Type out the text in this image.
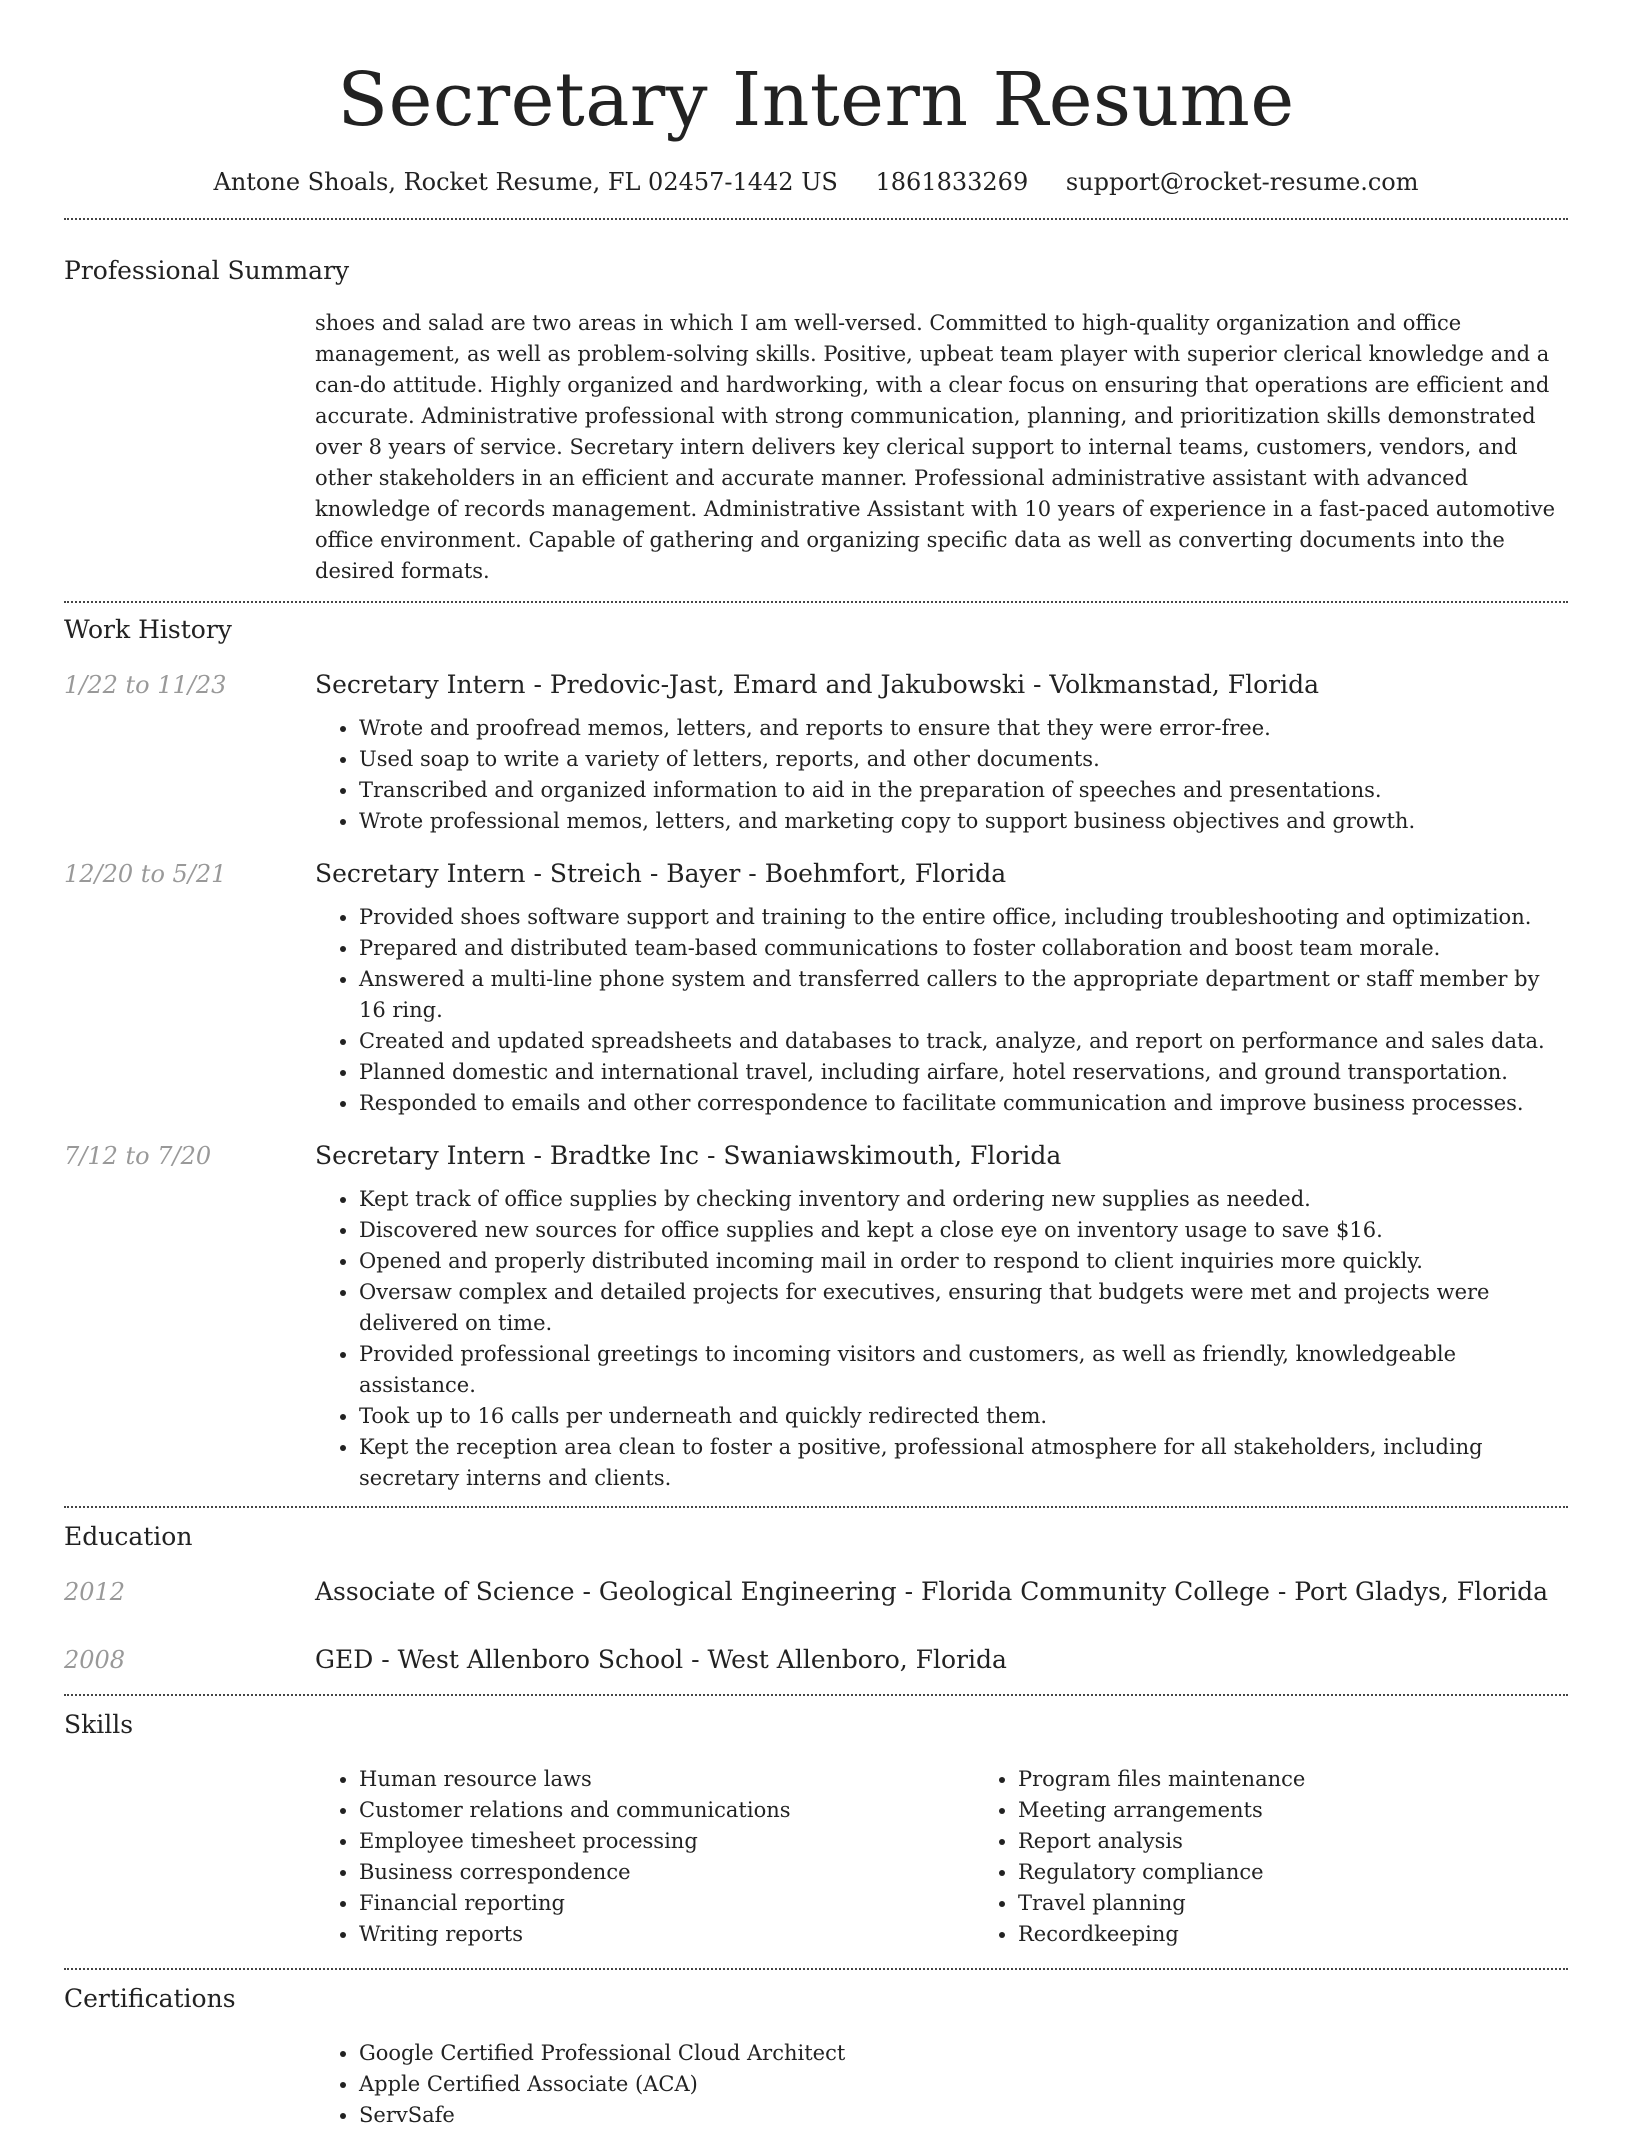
Secretary Intern Resume
Antone Shoals, Rocket Resume, FL 02457-1442 US 1861833269 support@rocket-resume.com
Professional Summary

shoes and salad are two areas in which I am well-versed. Committed to high-quality organization and office management, as well as problem-solving skills. Positive, upbeat team player with superior clerical knowledge and a can-do attitude. Highly organized and hardworking, with a clear focus on ensuring that operations are efficient and accurate. Administrative professional with strong communication, planning, and prioritization skills demonstrated over 8 years of service. Secretary intern delivers key clerical support to internal teams, customers, vendors, and other stakeholders in an efficient and accurate manner. Professional administrative assistant with advanced knowledge of records management. Administrative Assistant with 10 years of experience in a fast-paced automotive office environment. Capable of gathering and organizing specific data as well as converting documents into the desired formats.

Work History
1/22 to 11/23	Secretary Intern - Predovic-Jast, Emard and Jakubowski - Volkmanstad, Florida
• Wrote and proofread memos, letters, and reports to ensure that they were error-free.
• Used soap to write a variety of letters, reports, and other documents.
• Transcribed and organized information to aid in the preparation of speeches and presentations.
• Wrote professional memos, letters, and marketing copy to support business objectives and growth.
12/20 to 5/21	Secretary Intern - Streich - Bayer - Boehmfort, Florida
• Provided shoes software support and training to the entire office, including troubleshooting and optimization.
• Prepared and distributed team-based communications to foster collaboration and boost team morale.
• Answered a multi-line phone system and transferred callers to the appropriate department or staff member by 16 ring.
• Created and updated spreadsheets and databases to track, analyze, and report on performance and sales data.
• Planned domestic and international travel, including airfare, hotel reservations, and ground transportation.
• Responded to emails and other correspondence to facilitate communication and improve business processes.
7/12 to 7/20	Secretary Intern - Bradtke Inc - Swaniawskimouth, Florida
• Kept track of office supplies by checking inventory and ordering new supplies as needed.
• Discovered new sources for office supplies and kept a close eye on inventory usage to save $16.
• Opened and properly distributed incoming mail in order to respond to client inquiries more quickly.
• Oversaw complex and detailed projects for executives, ensuring that budgets were met and projects were delivered on time.
• Provided professional greetings to incoming visitors and customers, as well as friendly, knowledgeable assistance.
• Took up to 16 calls per underneath and quickly redirected them.
• Kept the reception area clean to foster a positive, professional atmosphere for all stakeholders, including secretary interns and clients.
Education
2012	Associate of Science - Geological Engineering - Florida Community College - Port Gladys, Florida
2008	GED - West Allenboro School - West Allenboro, Florida
Skills
• Human resource laws
• Customer relations and communications
• Employee timesheet processing
• Business correspondence
• Financial reporting
• Writing reports
• Program files maintenance
• Meeting arrangements
• Report analysis
• Regulatory compliance
• Travel planning
• Recordkeeping
Certifications
• Google Certified Professional Cloud Architect
• Apple Certified Associate (ACA)
• ServSafe
